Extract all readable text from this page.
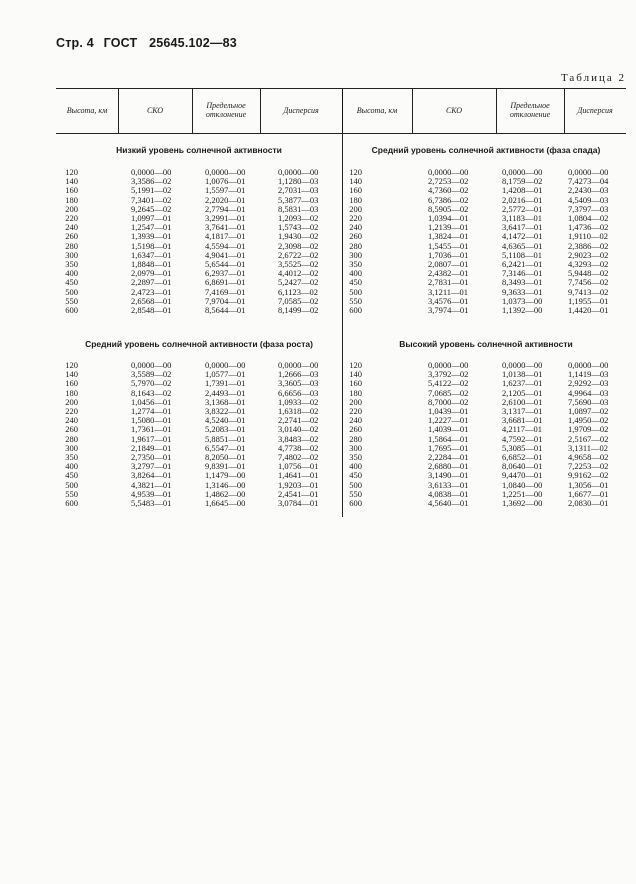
Стр. 4 ГОСТ 25645.102—83
Таблица 2
Высота, км	СКО	Предельное отклонение	Дисперсия	Высота, км	СКО	Предельное отклонение	Дисперсия
Низкий уровень солнечной активности
120	0,0000—00	0,0000—00	0,0000—00
140	3,3586—02	1,0076—01	1,1280—03
160	5,1991—02	1,5597—01	2,7031—03
180	7,3401—02	2,2020—01	5,3877—03
200	9,2645—02	2,7794—01	8,5831—03
220	1,0997—01	3,2991—01	1,2093—02
240	1,2547—01	3,7641—01	1,5743—02
260	1,3939—01	4,1817—01	1,9430—02
280	1,5198—01	4,5594—01	2,3098—02
300	1,6347—01	4,9041—01	2,6722—02
350	1,8848—01	5,6544—01	3,5525—02
400	2,0979—01	6,2937—01	4,4012—02
450	2,2897—01	6,8691—01	5,2427—02
500	2,4723—01	7,4169—01	6,1123—02
550	2,6568—01	7,9704—01	7,0585—02
600	2,8548—01	8,5644—01	8,1499—02
Средний уровень солнечной активности (фаза спада)
120	0,0000—00	0,0000—00	0,0000—00
140	2,7253—02	8,1759—02	7,4273—04
160	4,7360—02	1,4208—01	2,2430—03
180	6,7386—02	2,0216—01	4,5409—03
200	8,5905—02	2,5772—01	7,3797—03
220	1,0394—01	3,1183—01	1,0804—02
240	1,2139—01	3,6417—01	1,4736—02
260	1,3824—01	4,1472—01	1,9110—02
280	1,5455—01	4,6365—01	2,3886—02
300	1,7036—01	5,1108—01	2,9023—02
350	2,0807—01	6,2421—01	4,3293—02
400	2,4382—01	7,3146—01	5,9448—02
450	2,7831—01	8,3493—01	7,7456—02
500	3,1211—01	9,3633—01	9,7413—02
550	3,4576—01	1,0373—00	1,1955—01
600	3,7974—01	1,1392—00	1,4420—01
Средний уровень солнечной активности (фаза роста)
120	0,0000—00	0,0000—00	0,0000—00
140	3,5589—02	1,0577—01	1,2666—03
160	5,7970—02	1,7391—01	3,3605—03
180	8,1643—02	2,4493—01	6,6656—03
200	1,0456—01	3,1368—01	1,0933—02
220	1,2774—01	3,8322—01	1,6318—02
240	1,5080—01	4,5240—01	2,2741—02
260	1,7361—01	5,2083—01	3,0140—02
280	1,9617—01	5,8851—01	3,8483—02
300	2,1849—01	6,5547—01	4,7738—02
350	2,7350—01	8,2050—01	7,4802—02
400	3,2797—01	9,8391—01	1,0756—01
450	3,8264—01	1,1479—00	1,4641—01
500	4,3821—01	1,3146—00	1,9203—01
550	4,9539—01	1,4862—00	2,4541—01
600	5,5483—01	1,6645—00	3,0784—01
Высокий уровень солнечной активности
120	0,0000—00	0,0000—00	0,0000—00
140	3,3792—02	1,0138—01	1,1419—03
160	5,4122—02	1,6237—01	2,9292—03
180	7,0685—02	2,1205—01	4,9964—03
200	8,7000—02	2,6100—01	7,5690—03
220	1,0439—01	3,1317—01	1,0897—02
240	1,2227—01	3,6681—01	1,4950—02
260	1,4039—01	4,2117—01	1,9709—02
280	1,5864—01	4,7592—01	2,5167—02
300	1,7695—01	5,3085—01	3,1311—02
350	2,2284—01	6,6852—01	4,9658—02
400	2,6880—01	8,0640—01	7,2253—02
450	3,1490—01	9,4470—01	9,9162—02
500	3,6133—01	1,0840—00	1,3056—01
550	4,0838—01	1,2251—00	1,6677—01
600	4,5640—01	1,3692—00	2,0830—01
